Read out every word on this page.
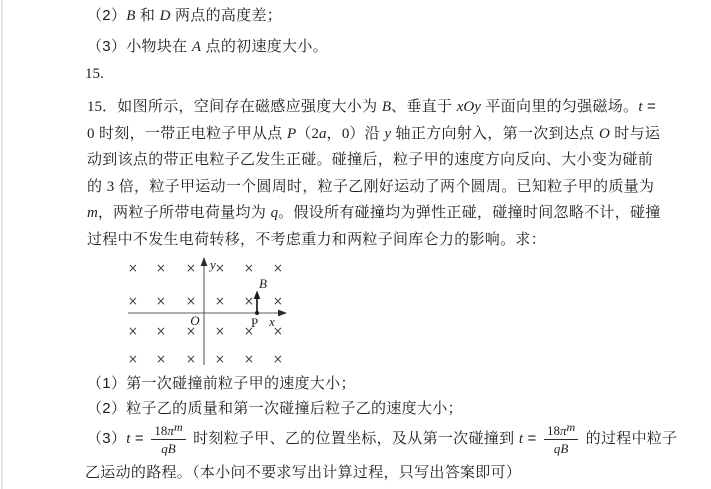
（2）B 和 D 两点的高度差；
（3）小物块在 A 点的初速度大小。
15.
15．如图所示，空间存在磁感应强度大小为 B、垂直于 xOy 平面向里的匀强磁场。t =
0 时刻，一带正电粒子甲从点 P（2a，0）沿 y 轴正方向射入，第一次到达点 O 时与运
动到该点的带正电粒子乙发生正碰。碰撞后，粒子甲的速度方向反向、大小变为碰前
的 3 倍，粒子甲运动一个圆周时，粒子乙刚好运动了两个圆周。已知粒子甲的质量为
m，两粒子所带电荷量均为 q。假设所有碰撞均为弹性正碰，碰撞时间忽略不计，碰撞
过程中不发生电荷转移，不考虑重力和两粒子间库仑力的影响。求：
× × × × × ×
× × × × × ×
× × × × × ×
× × × × × ×
y
x
O	P
B
（1）第一次碰撞前粒子甲的速度大小；
（2）粒子乙的质量和第一次碰撞后粒子乙的速度大小；
$(3)t = \frac{18\pi m}{qB}$ 时刻粒子甲、乙的位置坐标，及从第一次碰撞到 $t = \frac{18\pi m}{qB}$ 的过程中粒子
乙运动的路程。（本小问不要求写出计算过程，只写出答案即可）
